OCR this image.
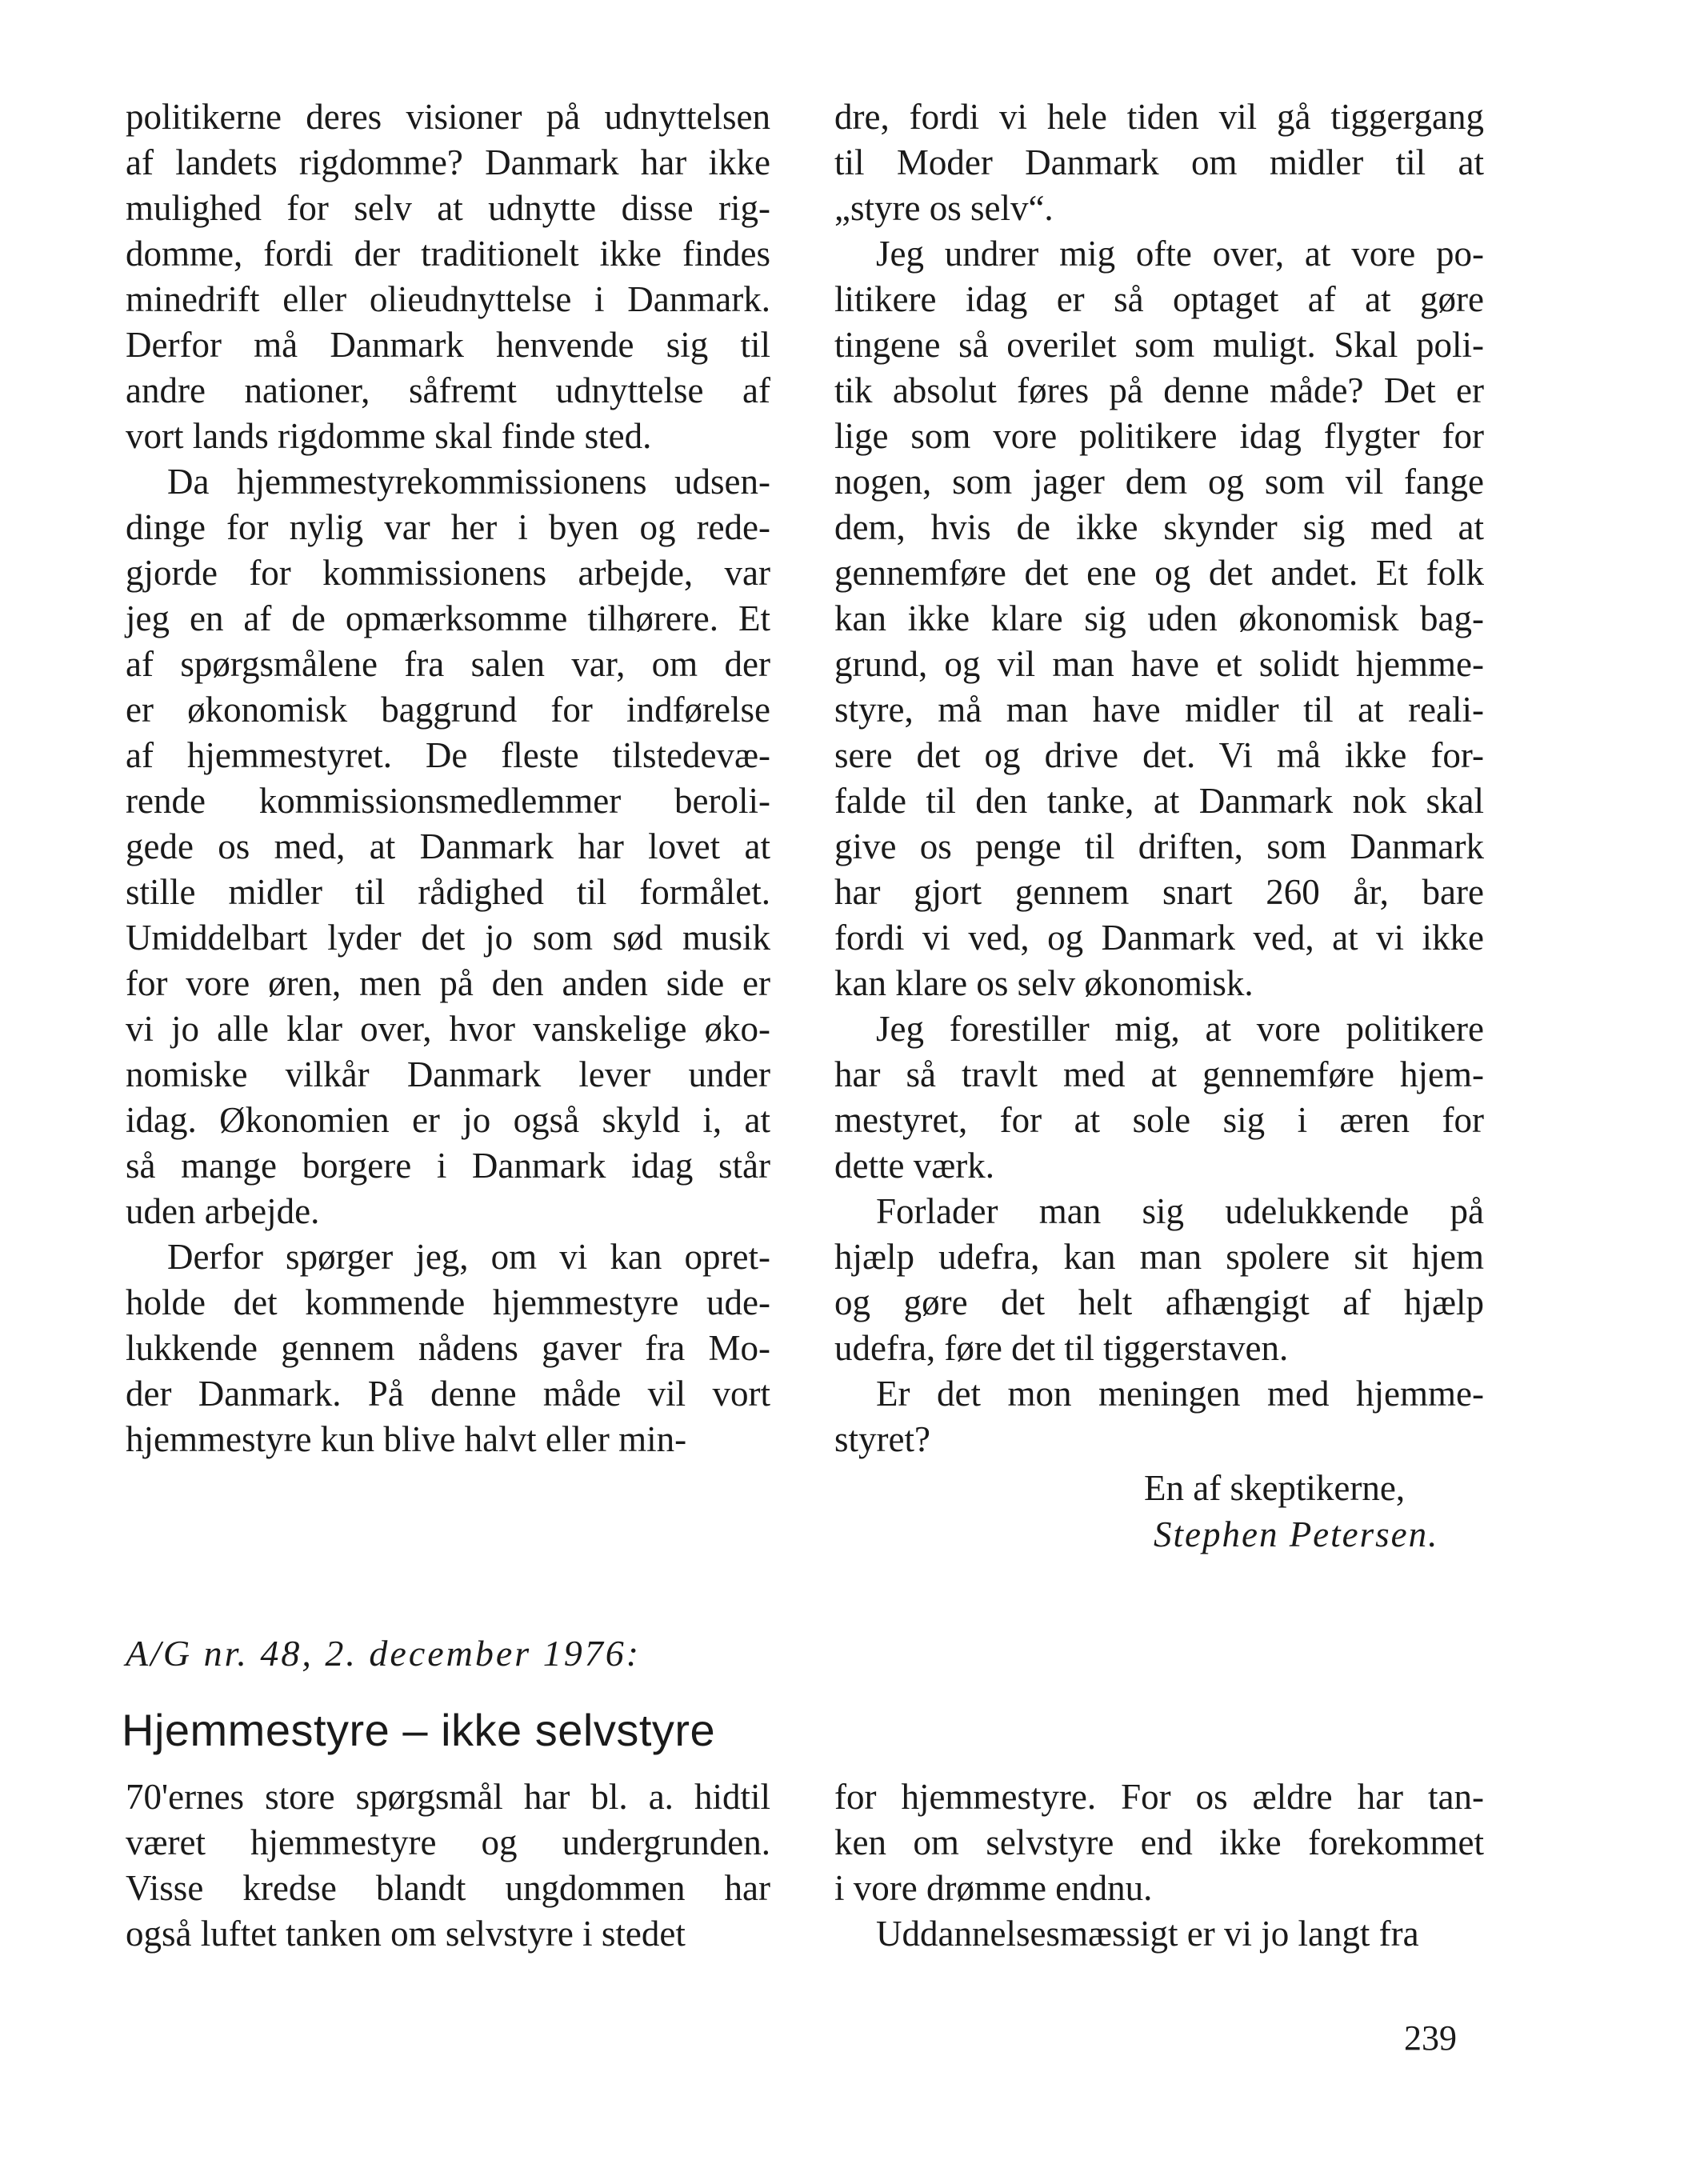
politikerne deres visioner på udnyttelsen
af landets rigdomme? Danmark har ikke
mulighed for selv at udnytte disse rig-
domme, fordi der traditionelt ikke findes
minedrift eller olieudnyttelse i Danmark.
Derfor må Danmark henvende sig til
andre nationer, såfremt udnyttelse af
vort lands rigdomme skal finde sted.

Da hjemmestyrekommissionens udsen-
dinge for nylig var her i byen og rede-
gjorde for kommissionens arbejde, var
jeg en af de opmærksomme tilhørere. Et
af spørgsmålene fra salen var, om der
er økonomisk baggrund for indførelse
af hjemmestyret. De fleste tilstedevæ-
rende kommissionsmedlemmer beroli-
gede os med, at Danmark har lovet at
stille midler til rådighed til formålet.
Umiddelbart lyder det jo som sød musik
for vore øren, men på den anden side er
vi jo alle klar over, hvor vanskelige øko-
nomiske vilkår Danmark lever under
idag. Økonomien er jo også skyld i, at
så mange borgere i Danmark idag står
uden arbejde.

Derfor spørger jeg, om vi kan opret-
holde det kommende hjemmestyre ude-
lukkende gennem nådens gaver fra Mo-
der Danmark. På denne måde vil vort
hjemmestyre kun blive halvt eller min-

dre, fordi vi hele tiden vil gå tiggergang
til Moder Danmark om midler til at
„styre os selv“.

Jeg undrer mig ofte over, at vore po-
litikere idag er så optaget af at gøre
tingene så overilet som muligt. Skal poli-
tik absolut føres på denne måde? Det er
lige som vore politikere idag flygter for
nogen, som jager dem og som vil fange
dem, hvis de ikke skynder sig med at
gennemføre det ene og det andet. Et folk
kan ikke klare sig uden økonomisk bag-
grund, og vil man have et solidt hjemme-
styre, må man have midler til at reali-
sere det og drive det. Vi må ikke for-
falde til den tanke, at Danmark nok skal
give os penge til driften, som Danmark
har gjort gennem snart 260 år, bare
fordi vi ved, og Danmark ved, at vi ikke
kan klare os selv økonomisk.

Jeg forestiller mig, at vore politikere
har så travlt med at gennemføre hjem-
mestyret, for at sole sig i æren for
dette værk.

Forlader man sig udelukkende på
hjælp udefra, kan man spolere sit hjem
og gøre det helt afhængigt af hjælp
udefra, føre det til tiggerstaven.

Er det mon meningen med hjemme-
styret?

En af skeptikerne,
Stephen Petersen.
A/G nr. 48, 2. december 1976:
Hjemmestyre – ikke selvstyre

70'ernes store spørgsmål har bl. a. hidtil
været hjemmestyre og undergrunden.
Visse kredse blandt ungdommen har
også luftet tanken om selvstyre i stedet

for hjemmestyre. For os ældre har tan-
ken om selvstyre end ikke forekommet
i vore drømme endnu.

Uddannelsesmæssigt er vi jo langt fra

239
